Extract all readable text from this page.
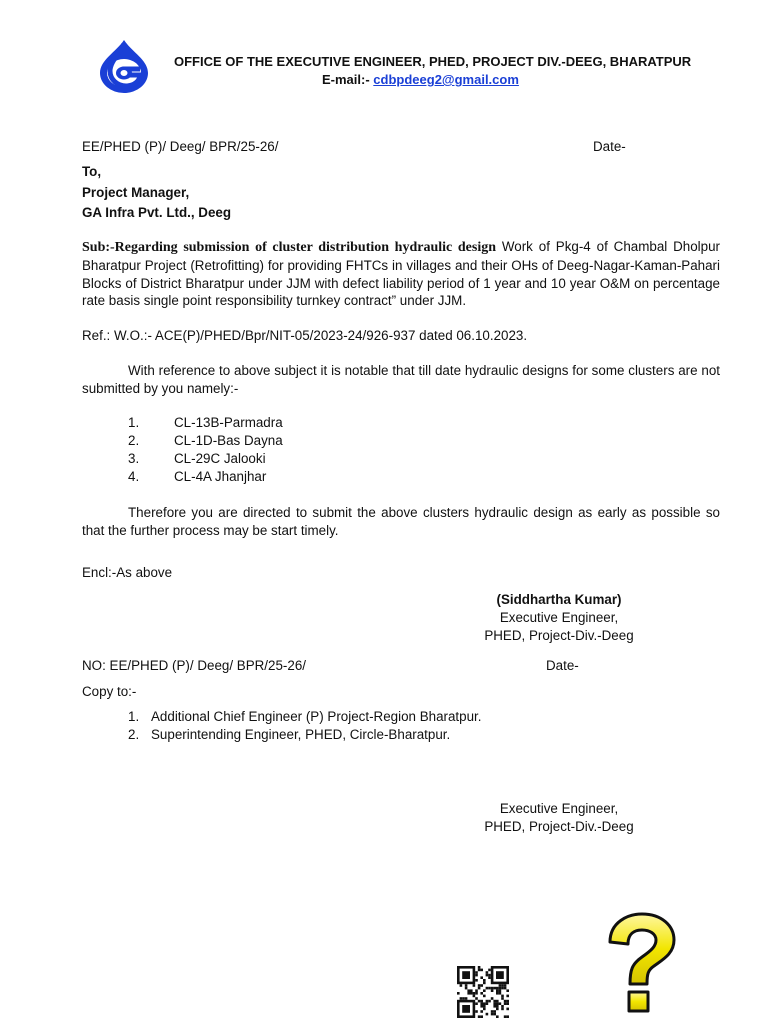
OFFICE OF THE EXECUTIVE ENGINEER, PHED, PROJECT DIV.-DEEG, BHARATPUR
E-mail:- cdbpdeeg2@gmail.com
EE/PHED (P)/ Deeg/ BPR/25-26/	Date-
To,
Project Manager,
GA Infra Pvt. Ltd., Deeg
Sub:-Regarding submission of cluster distribution hydraulic design Work of Pkg-4 of Chambal Dholpur Bharatpur Project (Retrofitting) for providing FHTCs in villages and their OHs of Deeg-Nagar-Kaman-Pahari Blocks of District Bharatpur under JJM with defect liability period of 1 year and 10 year O&M on percentage rate basis single point responsibility turnkey contract” under JJM.
Ref.: W.O.:- ACE(P)/PHED/Bpr/NIT-05/2023-24/926-937 dated 06.10.2023.
With reference to above subject it is notable that till date hydraulic designs for some clusters are not submitted by you namely:-
1.	CL-13B-Parmadra
2.	CL-1D-Bas Dayna
3.	CL-29C Jalooki
4.	CL-4A Jhanjhar
Therefore you are directed to submit the above clusters hydraulic design as early as possible so that the further process may be start timely.
Encl:-As above
(Siddhartha Kumar)
Executive Engineer,
PHED, Project-Div.-Deeg
NO: EE/PHED (P)/ Deeg/ BPR/25-26/	Date-
Copy to:-
1. Additional Chief Engineer (P) Project-Region Bharatpur.
2. Superintending Engineer, PHED, Circle-Bharatpur.
Executive Engineer,
PHED, Project-Div.-Deeg
